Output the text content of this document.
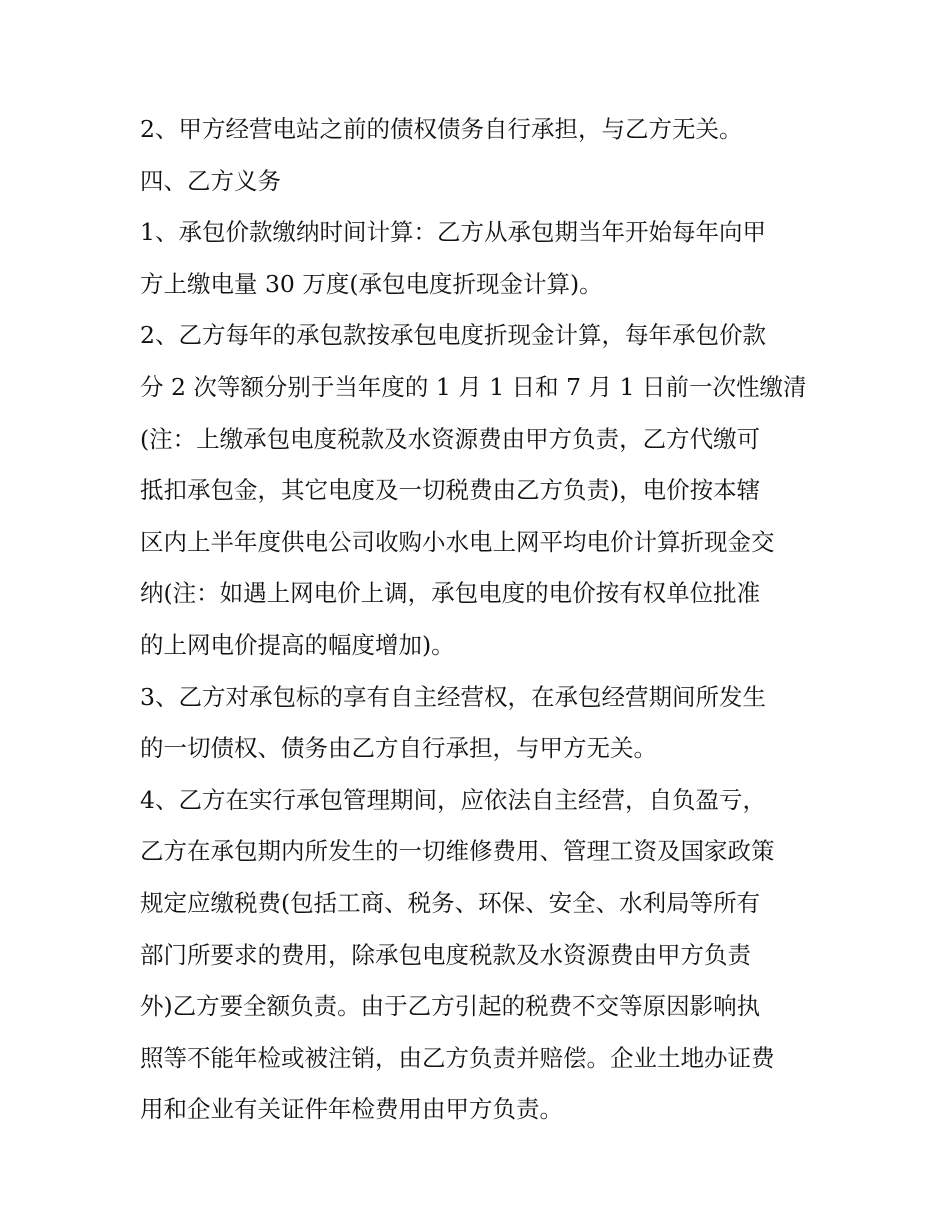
2、甲方经营电站之前的债权债务自行承担，与乙方无关。
四、乙方义务
1、承包价款缴纳时间计算：乙方从承包期当年开始每年向甲
方上缴电量 30 万度(承包电度折现金计算)。
2、乙方每年的承包款按承包电度折现金计算，每年承包价款
分 2 次等额分别于当年度的 1 月 1 日和 7 月 1 日前一次性缴清
(注：上缴承包电度税款及水资源费由甲方负责，乙方代缴可
抵扣承包金，其它电度及一切税费由乙方负责)，电价按本辖
区内上半年度供电公司收购小水电上网平均电价计算折现金交
纳(注：如遇上网电价上调，承包电度的电价按有权单位批准
的上网电价提高的幅度增加)。
3、乙方对承包标的享有自主经营权，在承包经营期间所发生
的一切债权、债务由乙方自行承担，与甲方无关。
4、乙方在实行承包管理期间，应依法自主经营，自负盈亏，
乙方在承包期内所发生的一切维修费用、管理工资及国家政策
规定应缴税费(包括工商、税务、环保、安全、水利局等所有
部门所要求的费用，除承包电度税款及水资源费由甲方负责
外)乙方要全额负责。由于乙方引起的税费不交等原因影响执
照等不能年检或被注销，由乙方负责并赔偿。企业土地办证费
用和企业有关证件年检费用由甲方负责。
